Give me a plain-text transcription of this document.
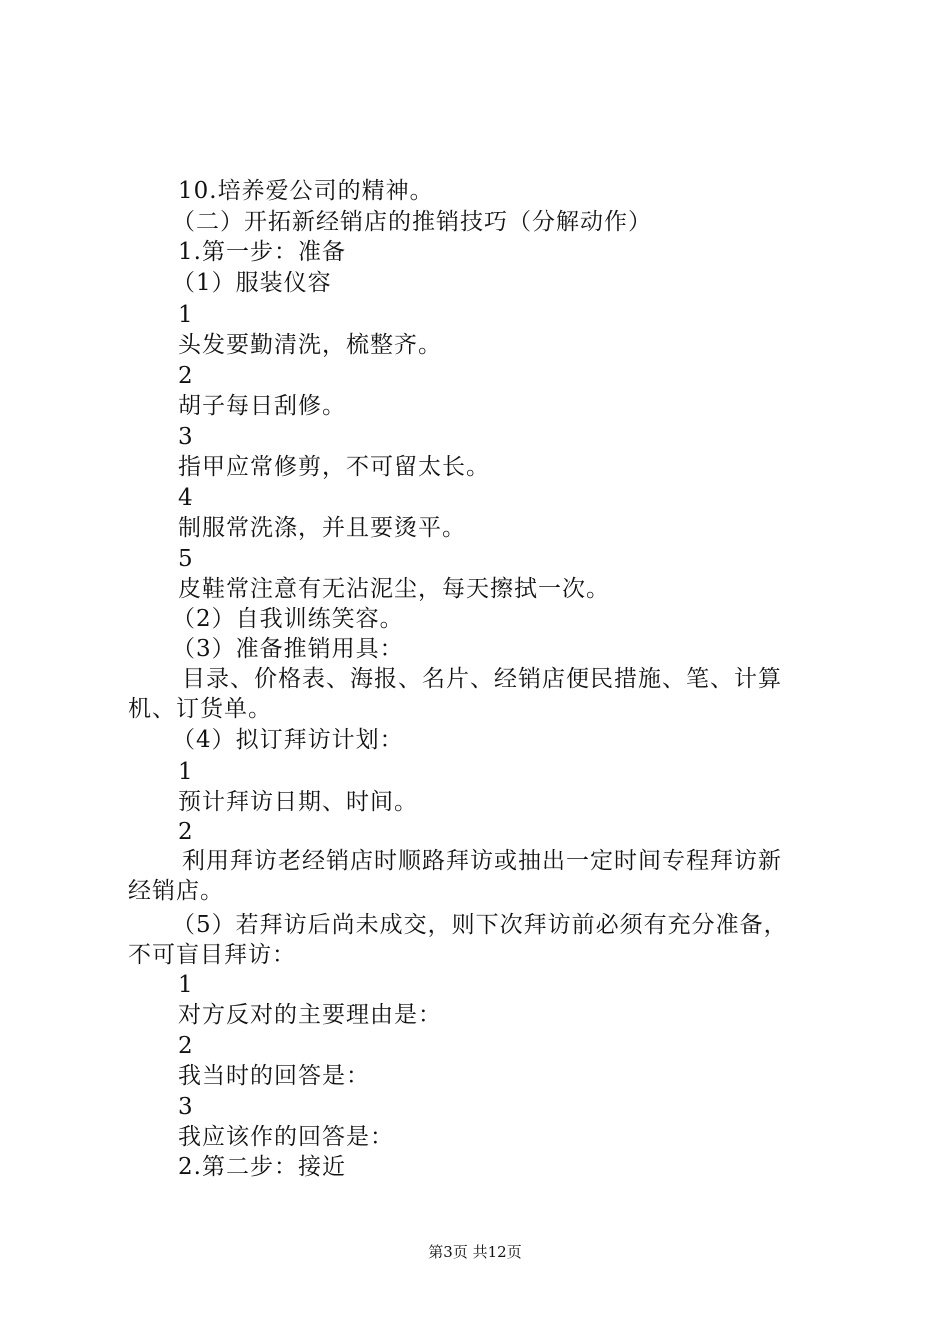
10.培养爱公司的精神。
（二）开拓新经销店的推销技巧（分解动作）
1.第一步：准备
（1）服装仪容
1
头发要勤清洗，梳整齐。
2
胡子每日刮修。
3
指甲应常修剪，不可留太长。
4
制服常洗涤，并且要烫平。
5
皮鞋常注意有无沾泥尘，每天擦拭一次。
（2）自我训练笑容。
（3）准备推销用具：
目录、价格表、海报、名片、经销店便民措施、笔、计算
机、订货单。
（4）拟订拜访计划：
1
预计拜访日期、时间。
2
利用拜访老经销店时顺路拜访或抽出一定时间专程拜访新
经销店。
（5）若拜访后尚未成交，则下次拜访前必须有充分准备，
不可盲目拜访：
1
对方反对的主要理由是：
2
我当时的回答是：
3
我应该作的回答是：
2.第二步：接近
第3页 共12页
